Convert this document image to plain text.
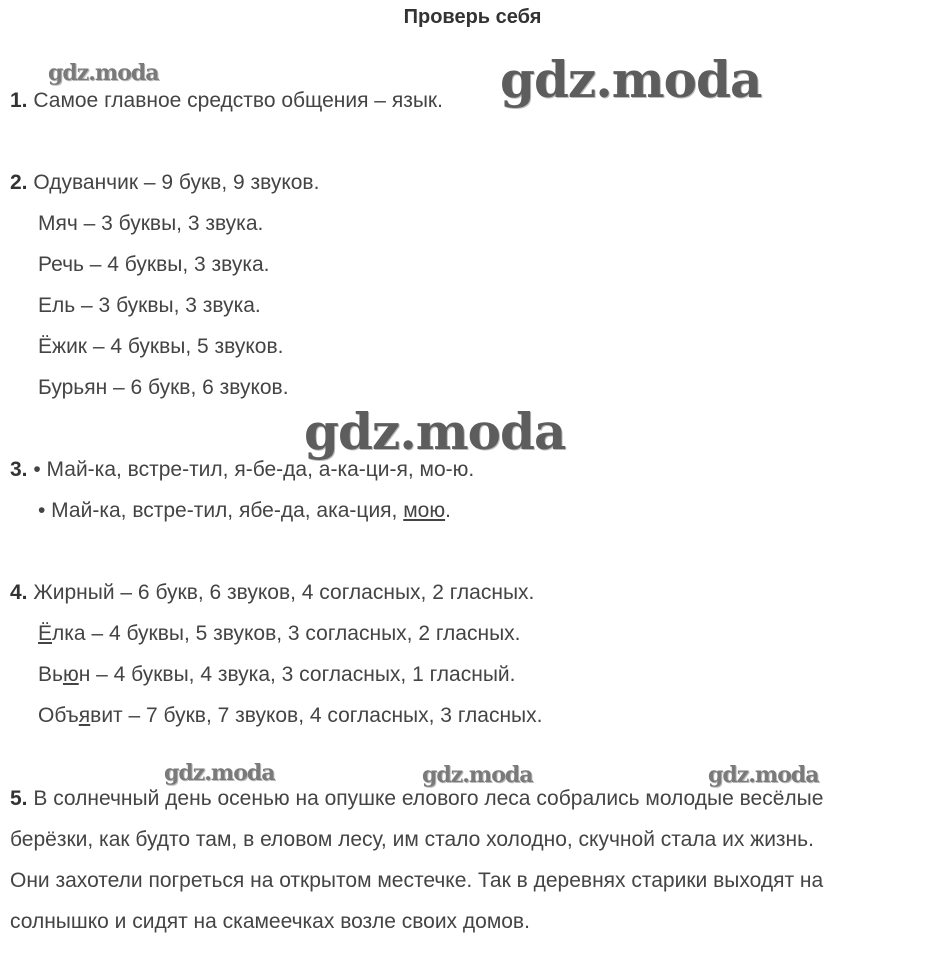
Проверь себя
gdz.moda	gdz.moda
gdz.moda
gdz.moda	gdz.moda	gdz.moda
1. Самое главное средство общения – язык.
2. Одуванчик – 9 букв, 9 звуков.
Мяч – 3 буквы, 3 звука.
Речь – 4 буквы, 3 звука.
Ель – 3 буквы, 3 звука.
Ёжик – 4 буквы, 5 звуков.
Бурьян – 6 букв, 6 звуков.
3. • Май-ка, встре-тил, я-бе-да, а-ка-ци-я, мо-ю.
• Май-ка, встре-тил, ябе-да, ака-ция, мою.
4. Жирный – 6 букв, 6 звуков, 4 согласных, 2 гласных.
Ёлка – 4 буквы, 5 звуков, 3 согласных, 2 гласных.
Вьюн – 4 буквы, 4 звука, 3 согласных, 1 гласный.
Объявит – 7 букв, 7 звуков, 4 согласных, 3 гласных.
5. В солнечный день осенью на опушке елового леса собрались молодые весёлые
берёзки, как будто там, в еловом лесу, им стало холодно, скучной стала их жизнь.
Они захотели погреться на открытом местечке. Так в деревнях старики выходят на
солнышко и сидят на скамеечках возле своих домов.
